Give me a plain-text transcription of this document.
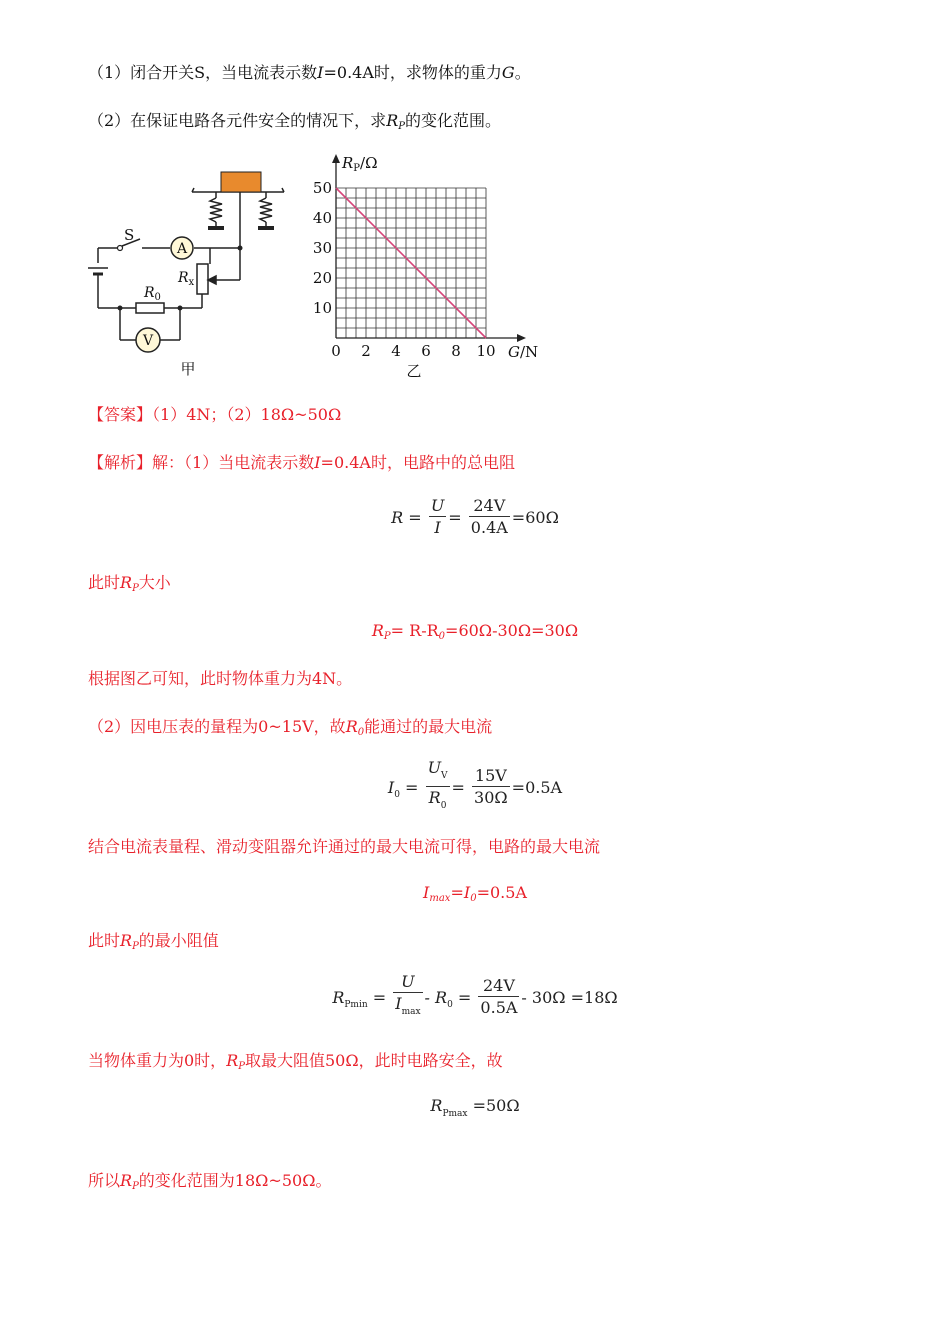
（1）闭合开关S，当电流表示数I=0.4A时，求物体的重力G。
（2）在保证电路各元件安全的情况下，求$R_P$的变化范围。
A
V
S
$R_x$
$R_0$
甲
0 2 4 6 8 10
10
20
30
40
50
$R_P/\Omega$
G/N
乙
【答案】（1）4N；（2）18Ω~50Ω
【解析】解：（1）当电流表示数I=0.4A时，电路中的总电阻
$R = \frac{U}{I} = \frac{24V}{0.4A} =60\Omega$
此时$R_P$大小
$R_P= R-R_0=60\Omega-30\Omega=30\Omega$
根据图乙可知，此时物体重力为4N。
（2）因电压表的量程为0~15V，故$R_0$能通过的最大电流
$I_0 = \frac{U_V}{R_0} = \frac{15V}{30\Omega} =0.5A$
结合电流表量程、滑动变阻器允许通过的最大电流可得，电路的最大电流
$I_{max}=I_0=0.5A$
此时$R_P$的最小阻值
$R_{Pmin} = \frac{U}{I_{max}} - R_0 = \frac{24V}{0.5A} - 30\Omega =18\Omega$
当物体重力为0时，$R_P$取最大阻值50Ω，此时电路安全，故
$R_{Pmax} =50\Omega$
所以$R_P$的变化范围为18Ω~50Ω。
